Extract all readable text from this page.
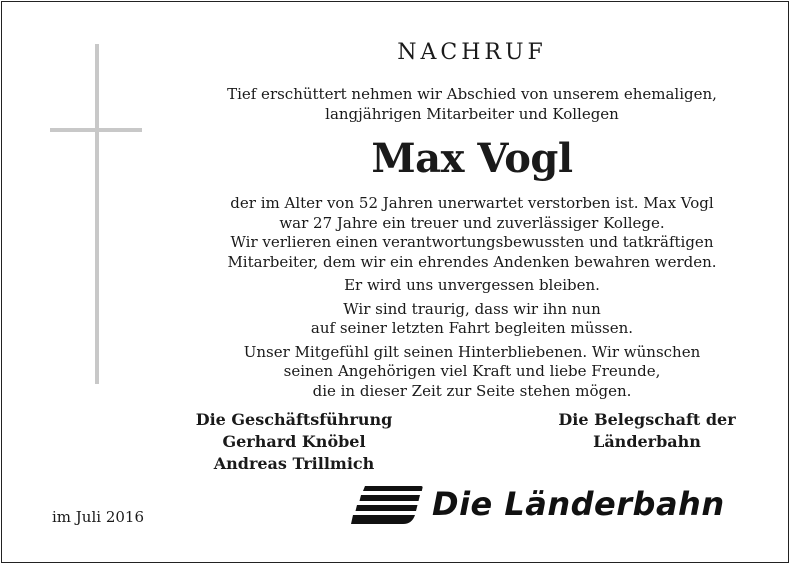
NACHRUF
Tief erschüttert nehmen wir Abschied von unserem ehemaligen,
langjährigen Mitarbeiter und Kollegen
Max Vogl

der im Alter von 52 Jahren unerwartet verstorben ist. Max Vogl
war 27 Jahre ein treuer und zuverlässiger Kollege.
Wir verlieren einen verantwortungsbewussten und tatkräftigen
Mitarbeiter, dem wir ein ehrendes Andenken bewahren werden.

Er wird uns unvergessen bleiben.

Wir sind traurig, dass wir ihn nun
auf seiner letzten Fahrt begleiten müssen.

Unser Mitgefühl gilt seinen Hinterbliebenen. Wir wünschen
seinen Angehörigen viel Kraft und liebe Freunde,
die in dieser Zeit zur Seite stehen mögen.

Die Geschäftsführung
Gerhard Knöbel
Andreas Trillmich
Die Belegschaft der
Länderbahn
im Juli 2016	Die Länderbahn
